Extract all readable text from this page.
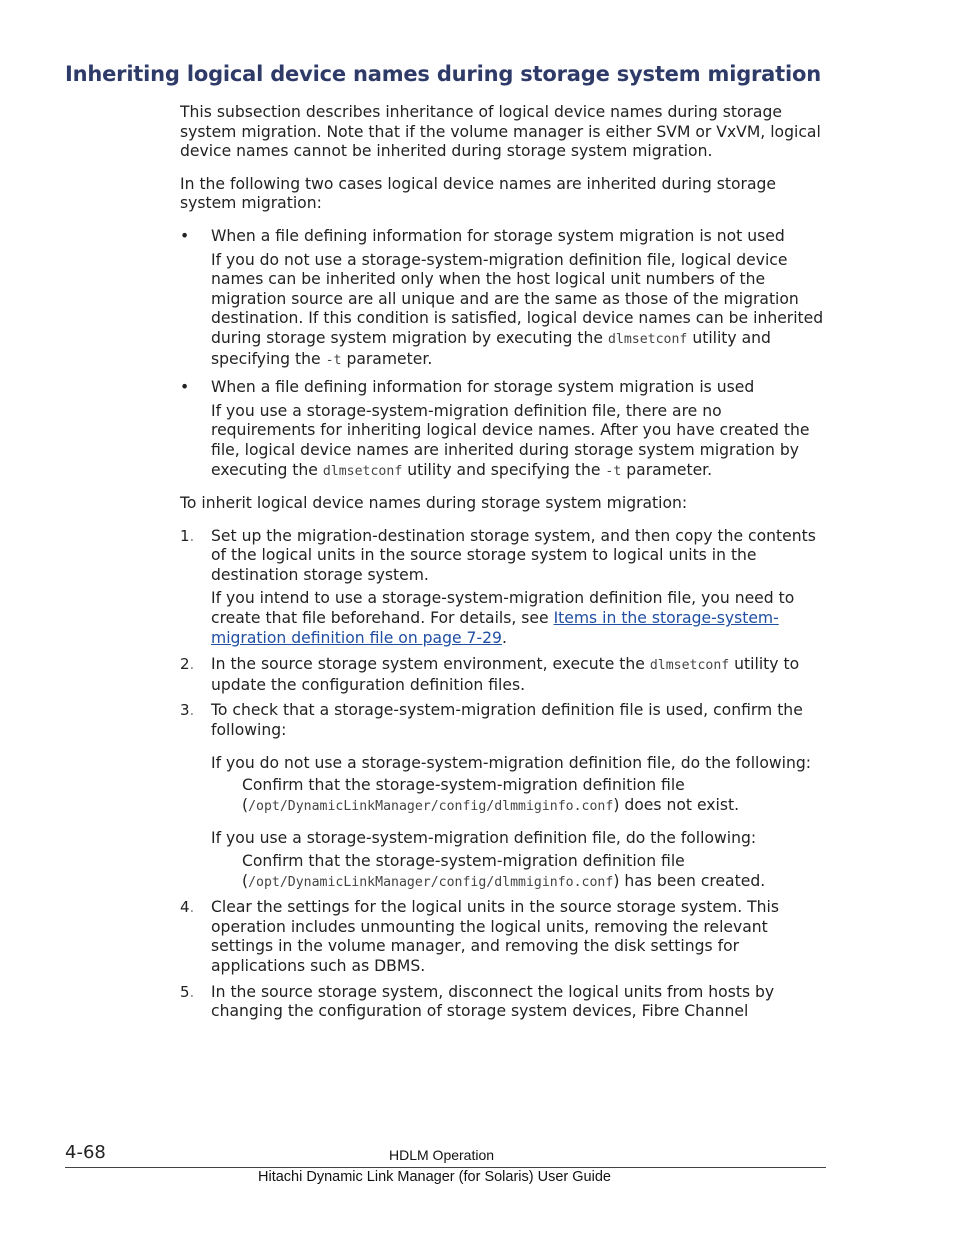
Inheriting logical device names during storage system migration

This subsection describes inheritance of logical device names during storage system migration. Note that if the volume manager is either SVM or VxVM, logical device names cannot be inherited during storage system migration.

In the following two cases logical device names are inherited during storage system migration:

• When a file defining information for storage system migration is not used

If you do not use a storage-system-migration definition file, logical device names can be inherited only when the host logical unit numbers of the migration source are all unique and are the same as those of the migration destination. If this condition is satisfied, logical device names can be inherited during storage system migration by executing the dlmsetconf utility and specifying the -t parameter.

• When a file defining information for storage system migration is used

If you use a storage-system-migration definition file, there are no requirements for inheriting logical device names. After you have created the file, logical device names are inherited during storage system migration by executing the dlmsetconf utility and specifying the -t parameter.

To inherit logical device names during storage system migration:

1. Set up the migration-destination storage system, and then copy the contents of the logical units in the source storage system to logical units in the destination storage system.

If you intend to use a storage-system-migration definition file, you need to create that file beforehand. For details, see Items in the storage-system-migration definition file on page 7-29.

2. In the source storage system environment, execute the dlmsetconf utility to update the configuration definition files.

3. To check that a storage-system-migration definition file is used, confirm the following:

If you do not use a storage-system-migration definition file, do the following:

Confirm that the storage-system-migration definition file (/opt/DynamicLinkManager/config/dlmmiginfo.conf) does not exist.

If you use a storage-system-migration definition file, do the following:

Confirm that the storage-system-migration definition file (/opt/DynamicLinkManager/config/dlmmiginfo.conf) has been created.

4. Clear the settings for the logical units in the source storage system. This operation includes unmounting the logical units, removing the relevant settings in the volume manager, and removing the disk settings for applications such as DBMS.

5. In the source storage system, disconnect the logical units from hosts by changing the configuration of storage system devices, Fibre Channel

4-68	HDLM Operation
Hitachi Dynamic Link Manager (for Solaris) User Guide
